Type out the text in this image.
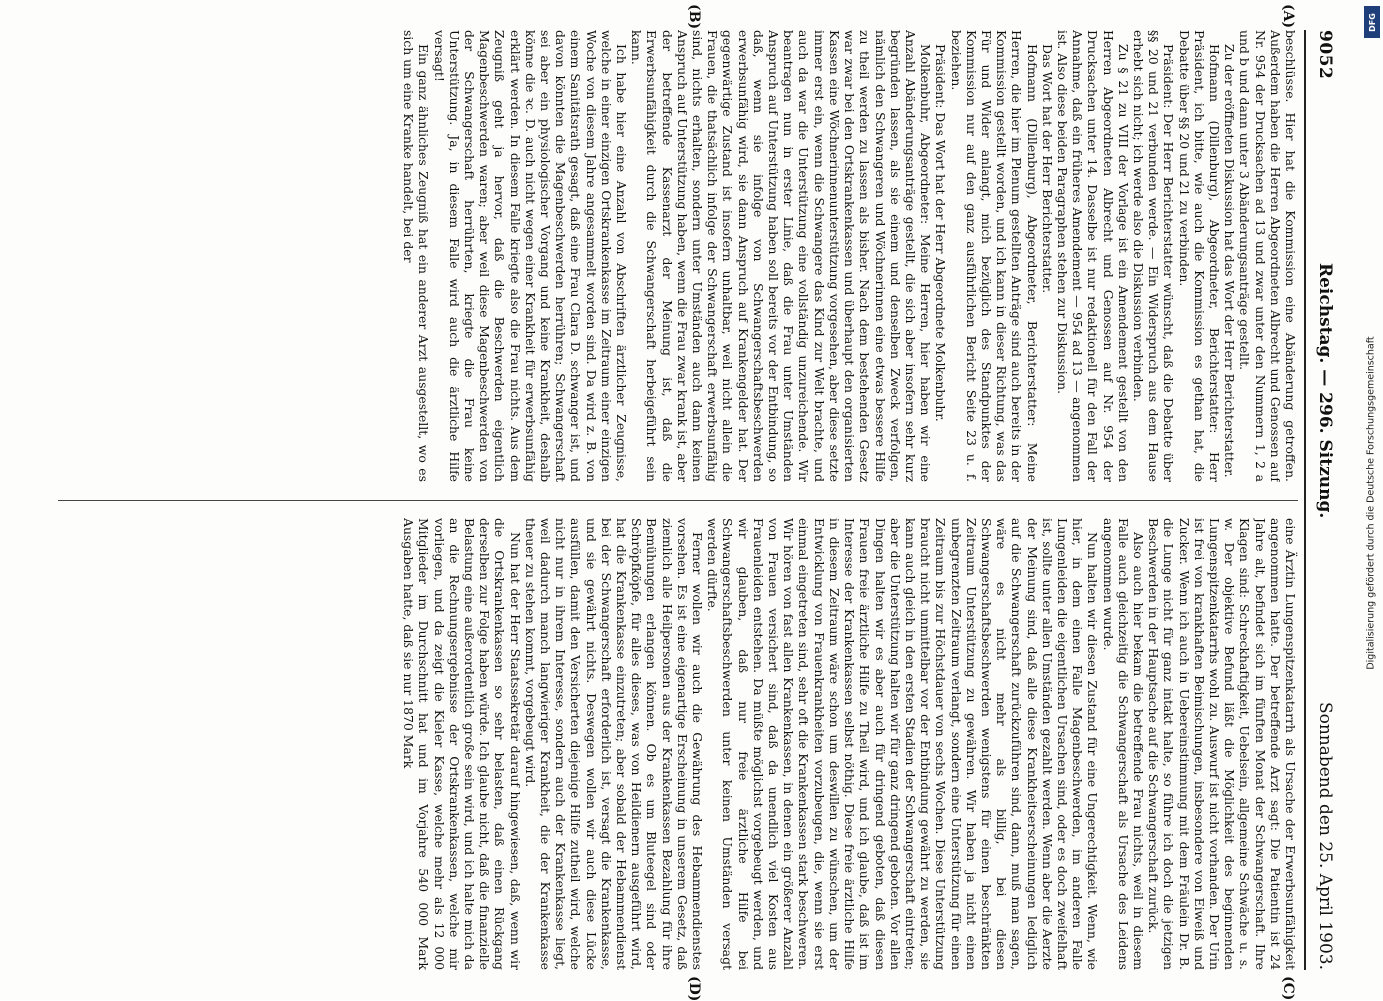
9052
Reichstag. — 296. Sitzung.
Sonnabend den 25. April 1903.
(A)
(B)
(C)
(D)

beschlüsse. Hier hat die Kommission eine Abänderung getroffen. Außerdem haben die Herren Abgeordneten Albrecht und Genossen auf Nr. 954 der Drucksachen ad 13 und zwar unter den Nummern 1, 2 a und b und dann unter 3 Abänderungsanträge gestellt.

Zu der eröffneten Diskussion hat das Wort der Herr Berichterstatter.

Hofmann (Dillenburg), Abgeordneter, Berichterstatter: Herr Präsident, ich bitte, wie auch die Kommission es gethan hat, die Debatte über §§ 20 und 21 zu verbinden.

Präsident: Der Herr Berichterstatter wünscht, daß die Debatte über §§ 20 und 21 verbunden werde. — Ein Widerspruch aus dem Hause erhebt sich nicht; ich werde also die Diskussion verbinden.

Zu § 21 zu VIII der Vorlage ist ein Amendement gestellt von den Herren Abgeordneten Albrecht und Genossen auf Nr. 954 der Drucksachen unter 14. Dasselbe ist nur redaktionell für den Fall der Annahme, daß ein früheres Amendement — 954 ad 13 — angenommen ist. Also diese beiden Paragraphen stehen zur Diskussion.

Das Wort hat der Herr Berichterstatter.

Hofmann (Dillenburg), Abgeordneter, Berichterstatter: Meine Herren, die hier im Plenum gestellten Anträge sind auch bereits in der Kommission gestellt worden, und ich kann in dieser Richtung, was das Für und Wider anlangt, mich bezüglich des Standpunktes der Kommission nur auf den ganz ausführlichen Bericht Seite 23 u. f. beziehen.

Präsident: Das Wort hat der Herr Abgeordnete Molkenbuhr.

Molkenbuhr, Abgeordneter: Meine Herren, hier haben wir eine Anzahl Abänderungsanträge gestellt, die sich aber insofern sehr kurz begründen lassen, als sie einem und denselben Zweck verfolgen, nämlich den Schwangeren und Wöchnerinnen eine etwas bessere Hilfe zu theil werden zu lassen als bisher. Nach dem bestehenden Gesetz war zwar bei den Ortskrankenkassen und überhaupt den organisierten Kassen eine Wöchnerinnenunterstützung vorgesehen, aber diese setzte immer erst ein, wenn die Schwangere das Kind zur Welt brachte, und auch da war die Unterstützung eine vollständig unzureichende. Wir beantragen nun in erster Linie, daß die Frau unter Umständen Anspruch auf Unterstützung haben soll bereits vor der Entbindung, so daß, wenn sie infolge von Schwangerschaftsbeschwerden erwerbsunfähig wird, sie dann Anspruch auf Krankengelder hat. Der gegenwärtige Zustand ist insofern unhaltbar, weil nicht allein die Frauen, die thatsächlich infolge der Schwangerschaft erwerbsunfähig sind, nichts erhalten, sondern unter Umständen auch dann keinen Anspruch auf Unterstützung haben, wenn die Frau zwar krank ist, aber der betreffende Kassenarzt der Meinung ist, daß die Erwerbsunfähigkeit durch die Schwangerschaft herbeigeführt sein kann.

Ich habe hier eine Anzahl von Abschriften ärztlicher Zeugnisse, welche in einer einzigen Ortskrankenkasse im Zeitraum einer einzigen Woche von diesem Jahre angesammelt worden sind. Da wird z. B. von einem Sanitätsrath gesagt, daß eine Frau Clara D. schwanger ist, und davon könnten die Magenbeschwerden herrühren; Schwangerschaft sei aber ein physiologischer Vorgang und keine Krankheit, deshalb könne die ꝛc. D. auch nicht wegen einer Krankheit für erwerbsunfähig erklärt werden. In diesem Falle kriegte also die Frau nichts. Aus dem Zeugniß geht ja hervor, daß die Beschwerden eigentlich Magenbeschwerden waren; aber weil diese Magenbeschwerden von der Schwangerschaft herrührten, kriegte die Frau keine Unterstützung. Ja, in diesem Falle wird auch die ärztliche Hilfe versagt!

Ein ganz ähnliches Zeugniß hat ein anderer Arzt ausgestellt, wo es sich um eine Kranke handelt, bei der

eine Ärztin Lungenspitzenkatarrh als Ursache der Erwerbsunfähigkeit angenommen hatte. Der betreffende Arzt sagt: Die Patientin ist 24 Jahre alt, befindet sich im fünften Monat der Schwangerschaft. Ihre Klagen sind: Schreckhaftigkeit, Uebelsein, allgemeine Schwäche u. s. w. Der objektive Befund läßt die Möglichkeit des beginnenden Lungenspitzenkatarrhs wohl zu. Auswurf ist nicht vorhanden. Der Urin ist frei von krankhaften Beimischungen, insbesondere von Eiweiß und Zucker. Wenn ich auch in Uebereinstimmung mit dem Fräulein Dr. B. die Lunge nicht für ganz intakt halte, so führe ich doch die jetzigen Beschwerden in der Hauptsache auf die Schwangerschaft zurück.

Also auch hier bekam die betreffende Frau nichts, weil in diesem Falle auch gleichzeitig die Schwangerschaft als Ursache des Leidens angenommen wurde.

Nun halten wir diesen Zustand für eine Ungerechtigkeit. Wenn, wie hier, in dem einen Falle Magenbeschwerden, im anderen Falle Lungenleiden die eigentlichen Ursachen sind, oder es doch zweifelhaft ist, sollte unter allen Umständen gezahlt werden. Wenn aber die Aerzte der Meinung sind, daß alle diese Krankheitserscheinungen lediglich auf die Schwangerschaft zurückzuführen sind, dann, muß man sagen, wäre es nicht mehr als billig, bei diesen Schwangerschaftsbeschwerden wenigstens für einen beschränkten Zeitraum Unterstützung zu gewähren. Wir haben ja nicht einen unbegrenzten Zeitraum verlangt, sondern eine Unterstützung für einen Zeitraum bis zur Höchstdauer von sechs Wochen. Diese Unterstützung braucht nicht unmittelbar vor der Entbindung gewährt zu werden, sie kann auch gleich in den ersten Stadien der Schwangerschaft eintreten; aber die Unterstützung halten wir für ganz dringend geboten. Vor allen Dingen halten wir es aber auch für dringend geboten, daß diesen Frauen freie ärztliche Hilfe zu Theil wird, und ich glaube, daß ist im Interesse der Krankenkassen selbst nöthig. Diese freie ärztliche Hilfe in diesem Zeitraum wäre schon um deswillen zu wünschen, um der Entwicklung von Frauenkrankheiten vorzubeugen, die, wenn sie erst einmal eingetreten sind, sehr oft die Krankenkassen stark beschweren. Wir hören von fast allen Krankenkassen, in denen ein größerer Anzahl von Frauen versichert sind, daß da unendlich viel Kosten aus Frauenleiden entstehen. Da müßte möglichst vorgebeugt werden, und wir glauben, daß nur freie ärztliche Hilfe bei Schwangerschaftsbeschwerden unter keinen Umständen versagt werden dürfte.

Ferner wollen wir auch die Gewährung des Hebammendienstes vorsehen. Es ist eine eigenartige Erscheinung in unserem Gesetz, daß ziemlich alle Heilpersonen aus der Krankenkassen Bezahlung für ihre Bemühungen erlangen können. Ob es um Bluteegel sind oder Schröpfköpfe, für alles dieses, was von Heildienern ausgeführt wird, hat die Krankenkasse einzutreten; aber sobald der Hebammendienst bei der Schwangerschaft erforderlich ist, versagt die Krankenkasse, und sie gewährt nichts. Deswegen wollen wir auch diese Lücke ausfüllen, damit den Versicherten diejenige Hilfe zutheil wird, welche nicht nur in ihrem Interesse, sondern auch der Krankenkasse liegt, weil dadurch manch langwieriger Krankheit, die der Krankenkasse theuer zu stehen kommt, vorgebeugt wird.

Nun hat der Herr Staatssekretär darauf hingewiesen, daß, wenn wir die Ortskrankenkassen so sehr belasten, daß einen Rückgang derselben zur Folge haben würde. Ich glaube nicht, daß die finanzielle Belastung eine außerordentlich große sein wird, und ich halte mich da an die Rechnungsergebnisse der Ortskrankenkassen, welche mir vorliegen, und da zeigt die Kieler Kasse, welche mehr als 12 000 Mitglieder im Durchschnitt hat und im Vorjahre 540 000 Mark Ausgaben hatte, daß sie nur 1870 Mark	Digitalisierung gefördert durch die Deutsche Forschungsgemeinschaft
DFG
